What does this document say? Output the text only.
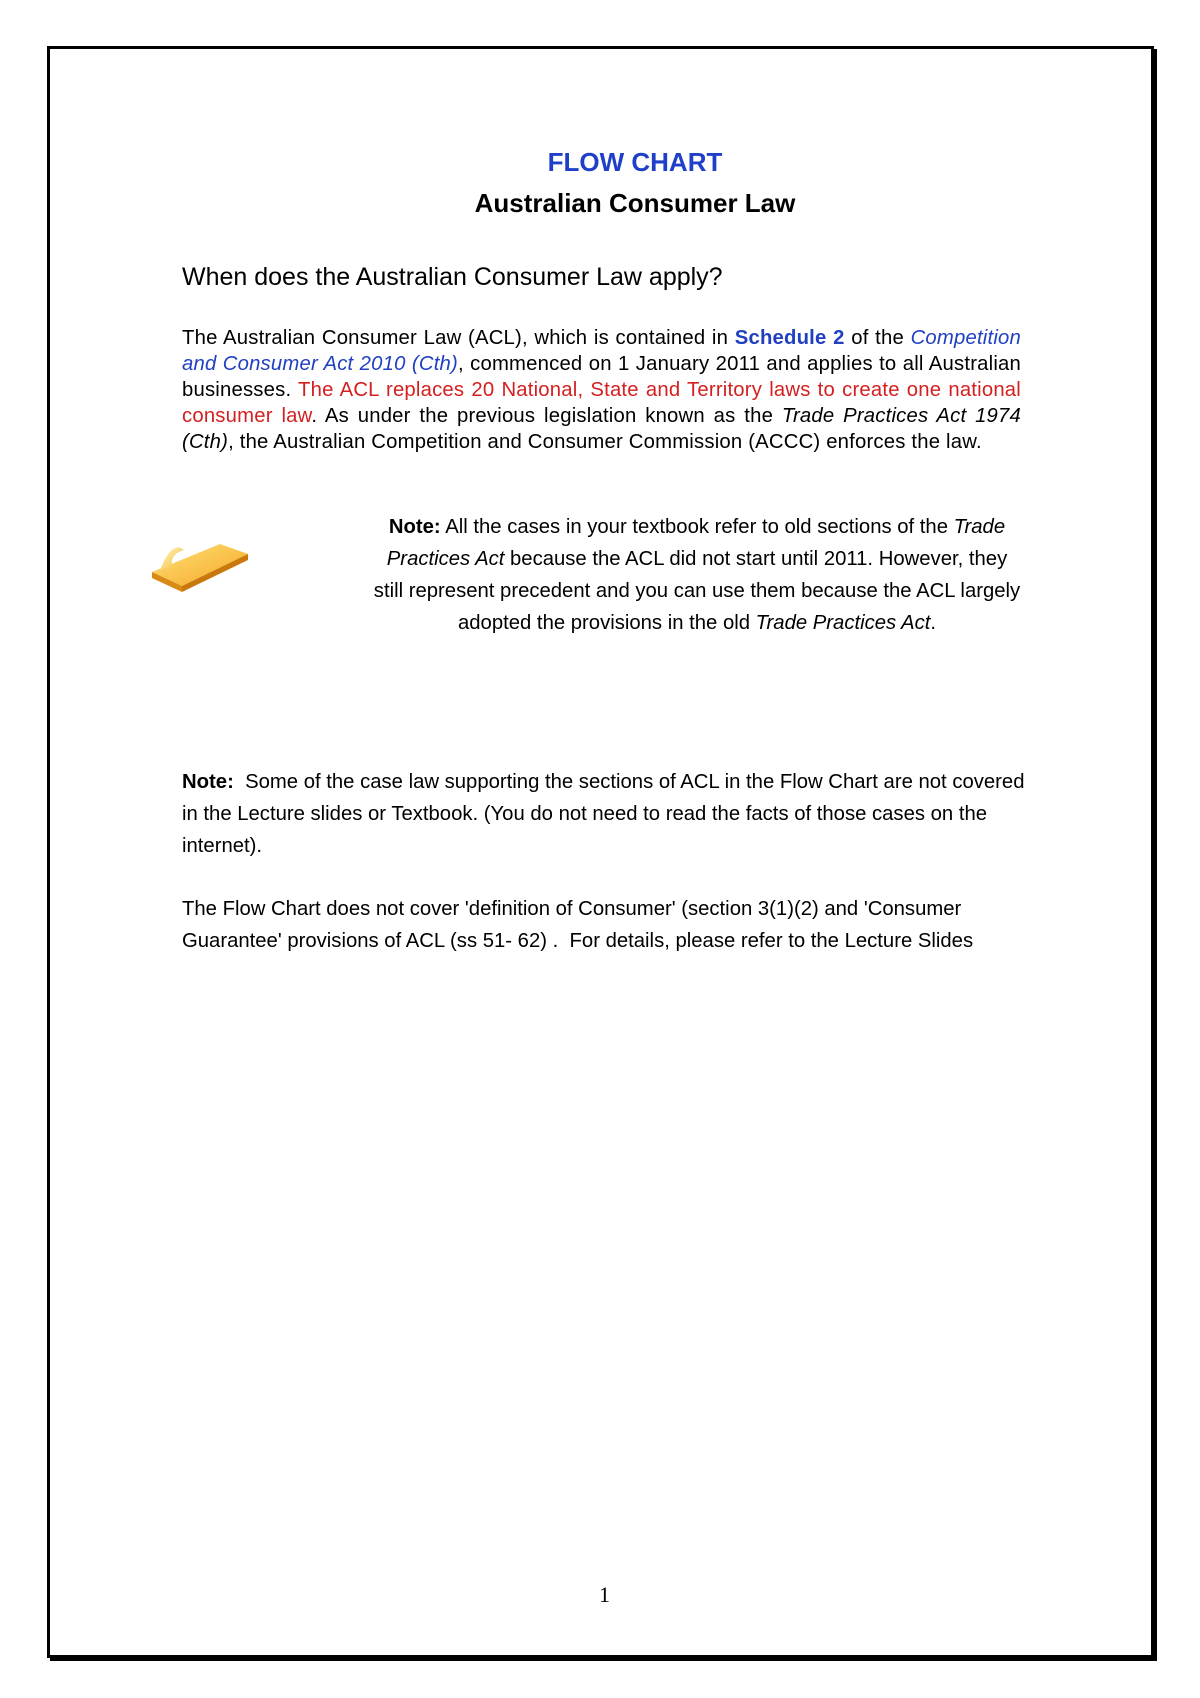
FLOW CHART
Australian Consumer Law
When does the Australian Consumer Law apply?

The Australian Consumer Law (ACL), which is contained in Schedule 2 of the Competition and Consumer Act 2010 (Cth), commenced on 1 January 2011 and applies to all Australian businesses. The ACL replaces 20 National, State and Territory laws to create one national consumer law. As under the previous legislation known as the Trade Practices Act 1974 (Cth), the Australian Competition and Consumer Commission (ACCC) enforces the law.

Note: All the cases in your textbook refer to old sections of the Trade Practices Act because the ACL did not start until 2011. However, they still represent precedent and you can use them because the ACL largely adopted the provisions in the old Trade Practices Act.

Note:  Some of the case law supporting the sections of ACL in the Flow Chart are not covered in the Lecture slides or Textbook. (You do not need to read the facts of those cases on the internet).

The Flow Chart does not cover 'definition of Consumer' (section 3(1)(2) and 'Consumer Guarantee' provisions of ACL (ss 51- 62) .  For details, please refer to the Lecture Slides

1
